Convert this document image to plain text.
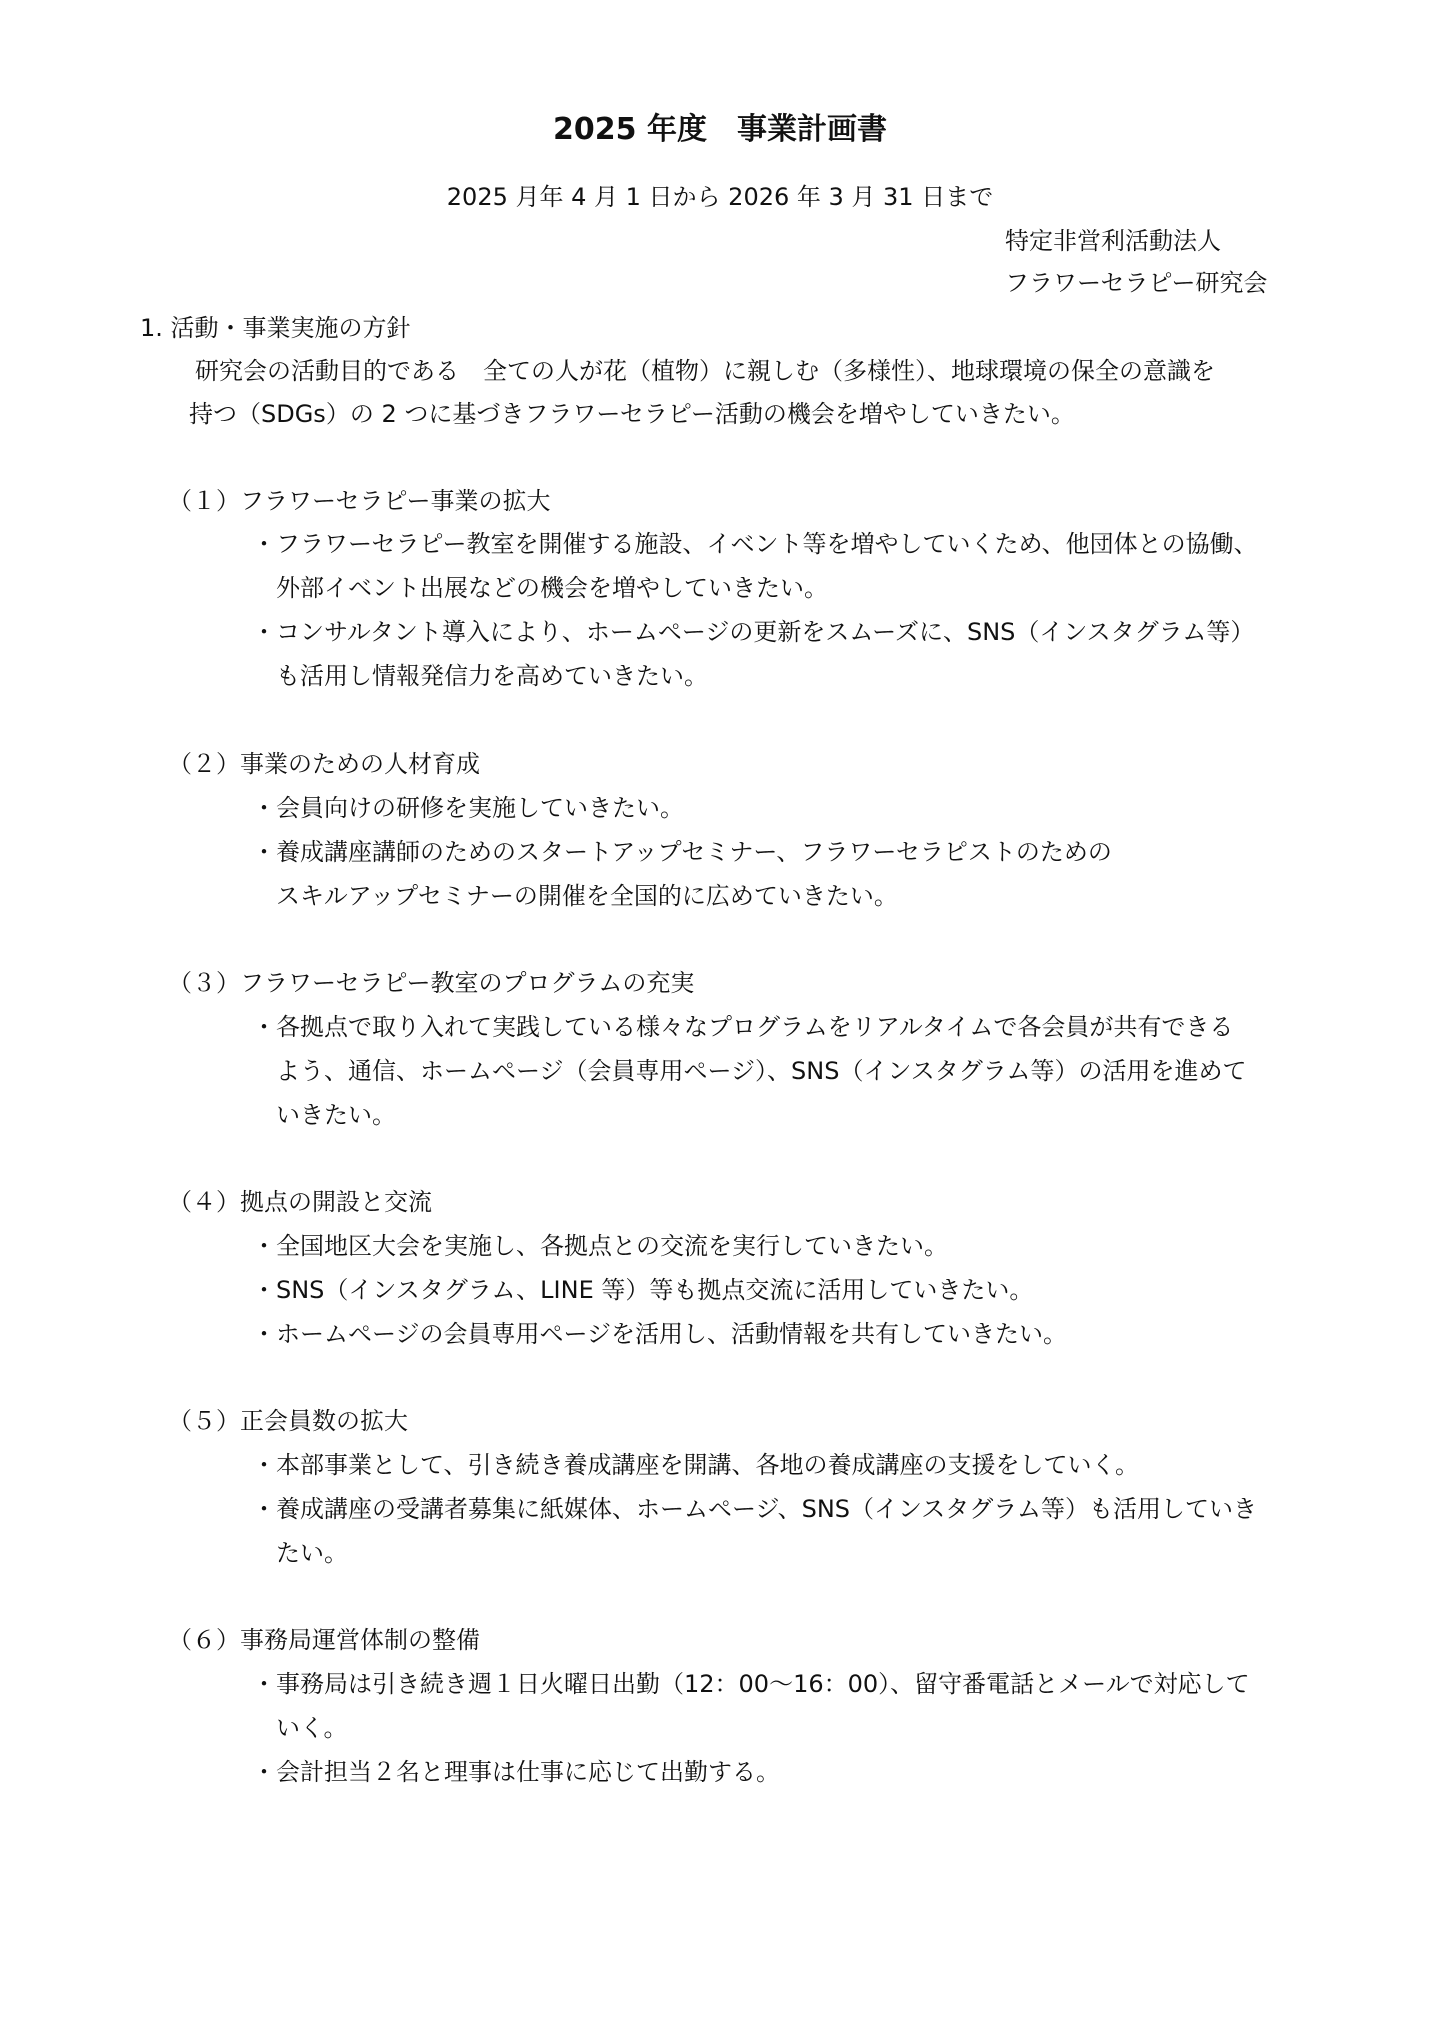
2025 年度　事業計画書
2025 月年 4 月 1 日から 2026 年 3 月 31 日まで
特定非営利活動法人
フラワーセラピー研究会
1. 活動・事業実施の方針
研究会の活動目的である　全ての人が花（植物）に親しむ（多様性）、地球環境の保全の意識を
持つ（SDGs）の 2 つに基づきフラワーセラピー活動の機会を増やしていきたい。
（１）フラワーセラピー事業の拡大
・フラワーセラピー教室を開催する施設、イベント等を増やしていくため、他団体との協働、
外部イベント出展などの機会を増やしていきたい。
・コンサルタント導入により、ホームページの更新をスムーズに、SNS（インスタグラム等）
も活用し情報発信力を高めていきたい。
（２）事業のための人材育成
・会員向けの研修を実施していきたい。
・養成講座講師のためのスタートアップセミナー、フラワーセラピストのための
スキルアップセミナーの開催を全国的に広めていきたい。
（３）フラワーセラピー教室のプログラムの充実
・各拠点で取り入れて実践している様々なプログラムをリアルタイムで各会員が共有できる
よう、通信、ホームページ（会員専用ページ）、SNS（インスタグラム等）の活用を進めて
いきたい。
（４）拠点の開設と交流
・全国地区大会を実施し、各拠点との交流を実行していきたい。
・SNS（インスタグラム、LINE 等）等も拠点交流に活用していきたい。
・ホームページの会員専用ページを活用し、活動情報を共有していきたい。
（５）正会員数の拡大
・本部事業として、引き続き養成講座を開講、各地の養成講座の支援をしていく。
・養成講座の受講者募集に紙媒体、ホームページ、SNS（インスタグラム等）も活用していき
たい。
（６）事務局運営体制の整備
・事務局は引き続き週１日火曜日出勤（12：00～16：00）、留守番電話とメールで対応して
いく。
・会計担当２名と理事は仕事に応じて出勤する。
